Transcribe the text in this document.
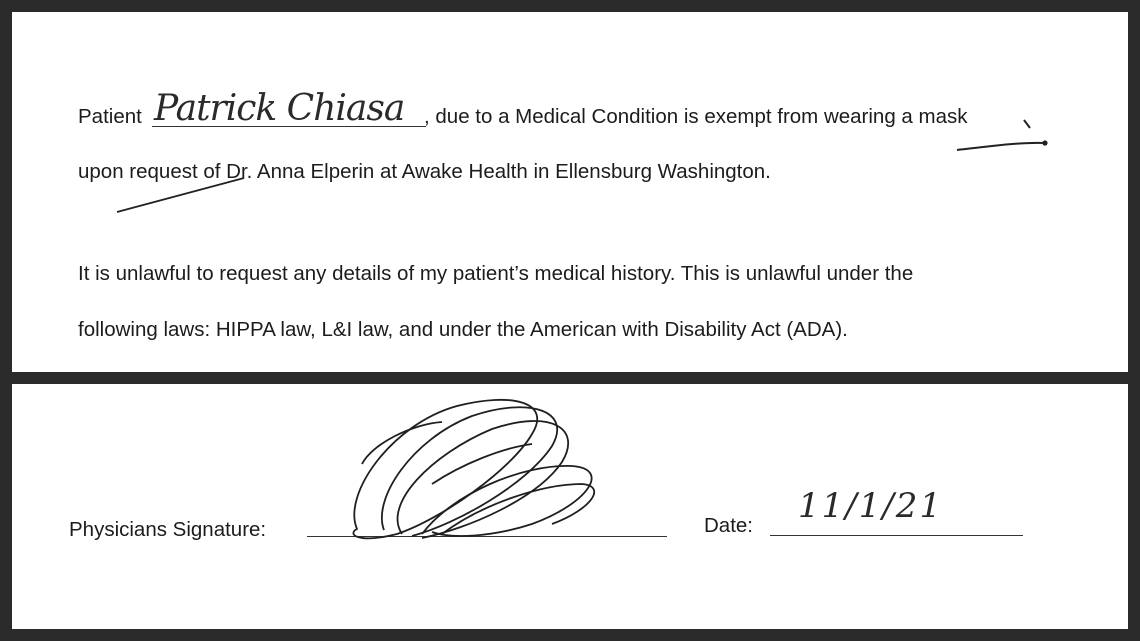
Patient Patrick Chiasa , due to a Medical Condition is exempt from wearing a mask
upon request of Dr. Anna Elperin at Awake Health in Ellensburg Washington.
It is unlawful to request any details of my patient’s medical history. This is unlawful under the
following laws: HIPPA law, L&I law, and under the American with Disability Act (ADA).
Physicians Signature:	Date: 11/1/21
